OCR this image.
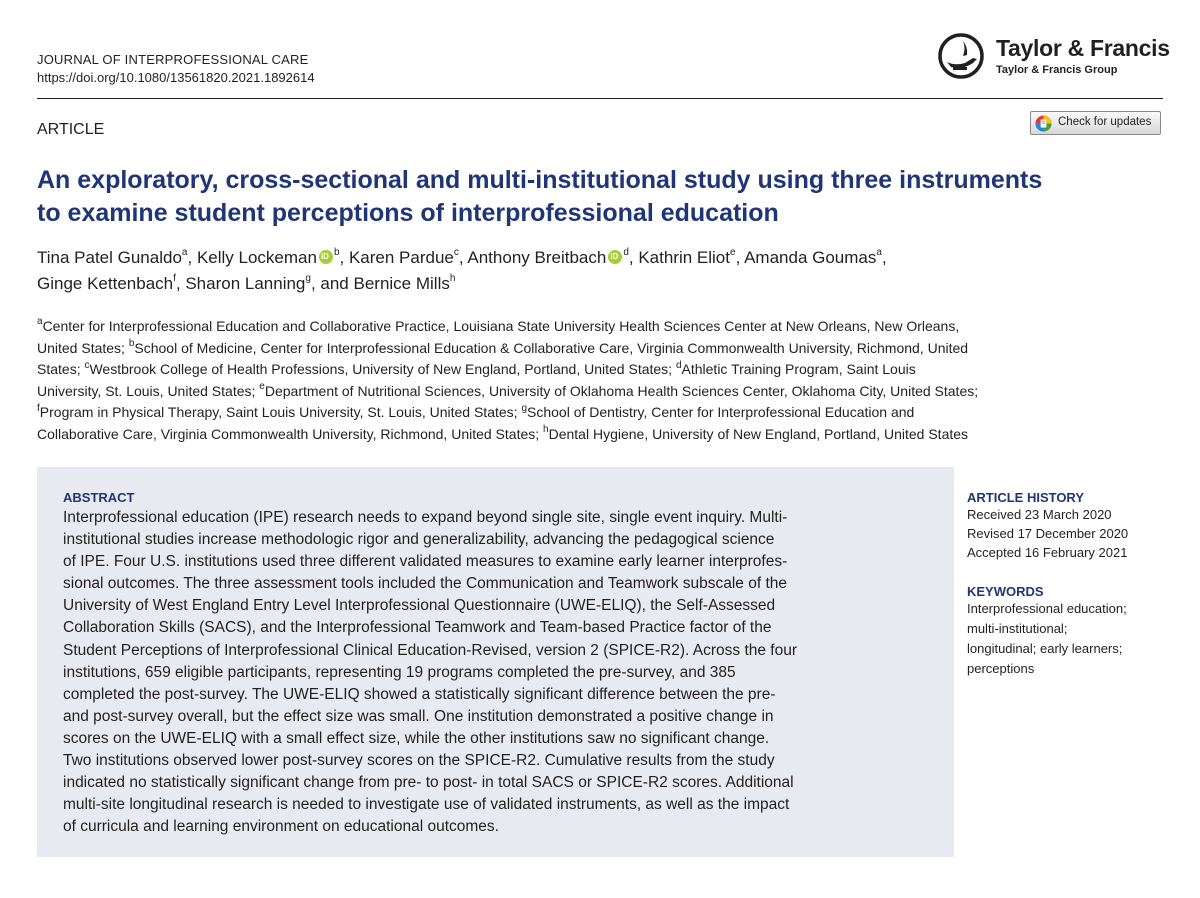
JOURNAL OF INTERPROFESSIONAL CARE
https://doi.org/10.1080/13561820.2021.1892614
Taylor & Francis
Taylor & Francis Group
ARTICLE	Check for updates
An exploratory, cross-sectional and multi-institutional study using three instruments
to examine student perceptions of interprofessional education
Tina Patel Gunaldo$^a$, Kelly Lockeman iD $^b$, Karen Pardue$^c$, Anthony Breitbach iD $^d$, Kathrin Eliot$^e$, Amanda Goumas$^a$,
Ginge Kettenbach$^f$, Sharon Lanning$^g$, and Bernice Mills$^h$
$^a$Center for Interprofessional Education and Collaborative Practice, Louisiana State University Health Sciences Center at New Orleans, New Orleans,
United States; $^b$School of Medicine, Center for Interprofessional Education & Collaborative Care, Virginia Commonwealth University, Richmond, United
States; $^c$Westbrook College of Health Professions, University of New England, Portland, United States; $^d$Athletic Training Program, Saint Louis
University, St. Louis, United States; $^e$Department of Nutritional Sciences, University of Oklahoma Health Sciences Center, Oklahoma City, United States;
$^f$Program in Physical Therapy, Saint Louis University, St. Louis, United States; $^g$School of Dentistry, Center for Interprofessional Education and
Collaborative Care, Virginia Commonwealth University, Richmond, United States; $^h$Dental Hygiene, University of New England, Portland, United States
ABSTRACT
Interprofessional education (IPE) research needs to expand beyond single site, single event inquiry. Multi-
institutional studies increase methodologic rigor and generalizability, advancing the pedagogical science
of IPE. Four U.S. institutions used three different validated measures to examine early learner interprofes-
sional outcomes. The three assessment tools included the Communication and Teamwork subscale of the
University of West England Entry Level Interprofessional Questionnaire (UWE-ELIQ), the Self-Assessed
Collaboration Skills (SACS), and the Interprofessional Teamwork and Team-based Practice factor of the
Student Perceptions of Interprofessional Clinical Education-Revised, version 2 (SPICE-R2). Across the four
institutions, 659 eligible participants, representing 19 programs completed the pre-survey, and 385
completed the post-survey. The UWE-ELIQ showed a statistically significant difference between the pre-
and post-survey overall, but the effect size was small. One institution demonstrated a positive change in
scores on the UWE-ELIQ with a small effect size, while the other institutions saw no significant change.
Two institutions observed lower post-survey scores on the SPICE-R2. Cumulative results from the study
indicated no statistically significant change from pre- to post- in total SACS or SPICE-R2 scores. Additional
multi-site longitudinal research is needed to investigate use of validated instruments, as well as the impact
of curricula and learning environment on educational outcomes.
ARTICLE HISTORY
Received 23 March 2020
Revised 17 December 2020
Accepted 16 February 2021
KEYWORDS
Interprofessional education;
multi-institutional;
longitudinal; early learners;
perceptions
